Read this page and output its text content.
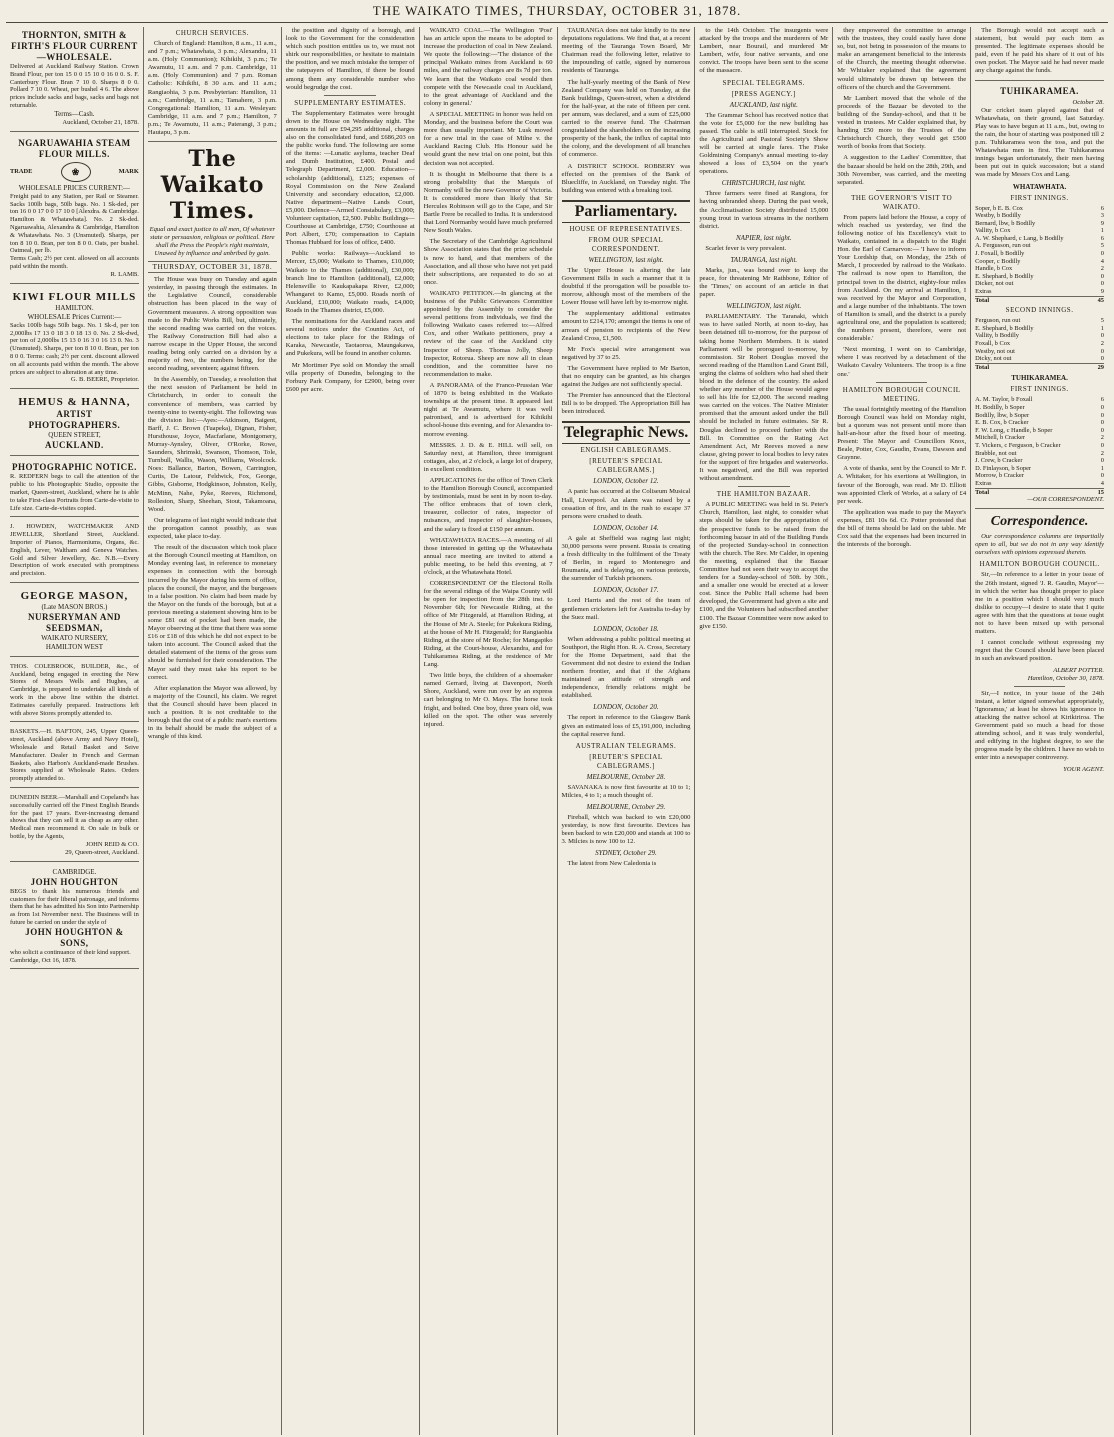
THE WAIKATO TIMES, THURSDAY, OCTOBER 31, 1878.
THORNTON, SMITH & FIRTH'S FLOUR CURRENT—WHOLESALE.
Delivered at Auckland Railway Station. Crown Brand Flour, per ton 15 0 0 15 10 0 16 0 0. S. F. Canterbury Flour. Bran 7 10 0. Sharps 8 0 0. Pollard 7 10 0. Wheat, per bushel 4 6. The above prices include sacks and bags, sacks and bags not returnable.
Terms—Cash.
Auckland, October 21, 1878.
NGARUAWAHIA STEAM FLOUR MILLS.
TRADE	❀	MARK
WHOLESALE PRICES CURRENT:—
Freight paid to any Station, per Rail or Steamer. Sacks 100lb bags, 50lb bags. No. 1 Sk-ded, per ton 16 0 0 17 0 0 17 10 0 [Alexdra. & Cambridge. Hamilton & Whatawhata]. No. 2 Sk-ded. Ngaruawahia, Alexandra & Cambridge, Hamilton & Whatawhata. No. 3 (Unsmuted). Sharps, per ton 8 10 0. Bran, per ton 8 0 0. Oats, per bushel. Oatmeal, per lb.
Terms Cash; 2½ per cent. allowed on all accounts paid within the month.
R. LAMB.
KIWI FLOUR MILLS
HAMILTON.
WHOLESALE Prices Current:—
Sacks 100lb bags 50lb bags. No. 1 Sk-d, per ton 2,000lbs 17 13 0 18 3 0 18 13 0. No. 2 Sk-dwd, per ton of 2,000lbs 15 13 0 16 3 0 16 13 0. No. 3 (Unsmuted). Sharps, per ton 8 10 0. Bran, per ton 8 0 0. Terms: cash; 2½ per cent. discount allowed on all accounts paid within the month. The above prices are subject to alteration at any time.
G. B. BEERE, Proprietor.
HEMUS & HANNA,
ARTIST PHOTOGRAPHERS.
QUEEN STREET,
AUCKLAND.
PHOTOGRAPHIC NOTICE.
R. REDFERN begs to call the attention of the public to his Photographic Studio, opposite the market, Queen-street, Auckland, where he is able to take First-class Portraits from Carte-de-visite to Life size. Carte-de-visites copied.
J. HOWDEN, WATCHMAKER AND JEWELLER, Shortland Street, Auckland. Importer of Pianos, Harmoniums, Organs, &c. English, Lever, Waltham and Geneva Watches. Gold and Silver Jewellery, &c. N.B.—Every Description of work executed with promptness and precision.
GEORGE MASON,
(Late MASON BROS.)
NURSERYMAN AND SEEDSMAN,
WAIKATO NURSERY,
HAMILTON WEST
THOS. COLEBROOK, BUILDER, &c., of Auckland, being engaged in erecting the New Stores of Messrs Wells and Hughes, at Cambridge, is prepared to undertake all kinds of work in the above line within the district. Estimates carefully prepared. Instructions left with above Stores promptly attended to.
BASKETS.—H. BAFTON, 245, Upper Queen-street, Auckland (above Army and Navy Hotel), Wholesale and Retail Basket and Seive Manufacturer. Dealer in French and German Baskets, also Harbon's Auckland-made Brushes. Stores supplied at Wholesale Rates. Orders promptly attended to.
DUNEDIN BEER.—Marshall and Copeland's has successfully carried off the Finest English Brands for the past 17 years. Ever-increasing demand shows that they can sell it as cheap as any other. Medical men recommend it. On sale in bulk or bottle, by the Agents,
JOHN REID & CO.
29, Queen-street, Auckland.
CAMBRIDGE.
JOHN HOUGHTON
BEGS to thank his numerous friends and customers for their liberal patronage, and informs them that he has admitted his Son into Partnership as from 1st November next. The Business will in future be carried on under the style of
JOHN HOUGHTON & SONS,
who solicit a continuance of their kind support.
Cambridge, Oct 16, 1878.
CHURCH SERVICES.

Church of England: Hamilton, 8 a.m., 11 a.m., and 7 p.m.; Whatawhata, 3 p.m.; Alexandra, 11 a.m. (Holy Communion); Kihikihi, 3 p.m.; Te Awamutu, 11 a.m. and 7 p.m. Cambridge, 11 a.m. (Holy Communion) and 7 p.m. Roman Catholic: Kihikihi, 8 30 a.m. and 11 a.m.; Rangiaohia, 3 p.m. Presbyterian: Hamilton, 11 a.m.; Cambridge, 11 a.m.; Tamahere, 3 p.m. Congregational: Hamilton, 11 a.m. Wesleyan: Cambridge, 11 a.m. and 7 p.m.; Hamilton, 7 p.m.; Te Awamutu, 11 a.m.; Paterangi, 3 p.m.; Hautapu, 3 p.m.

The Waikato Times.
Equal and exact justice to all men, Of whatever state or persuasion, religious or political. Here shall the Press the People's right maintain, Unawed by influence and unbribed by gain.
THURSDAY, OCTOBER 31, 1878.

The House was busy on Tuesday and again yesterday, in passing through the estimates. In the Legislative Council, considerable obstruction has been placed in the way of Government measures. A strong opposition was made to the Public Works Bill, but, ultimately, the second reading was carried on the voices. The Railway Construction Bill had also a narrow escape in the Upper House, the second reading being only carried on a division by a majority of two, the numbers being, for the second reading, seventeen; against fifteen.

In the Assembly, on Tuesday, a resolution that the next session of Parliament be held in Christchurch, in order to consult the convenience of members, was carried by twenty-nine to twenty-eight. The following was the division list:—Ayes:—Atkinson, Baigent, Barff, J. C. Brown (Tuapeka), Dignan, Fisher, Hursthouse, Joyce, Macfarlane, Montgomery, Murray-Aynsley, Oliver, O'Rorke, Rowe, Saunders, Shrimski, Swanson, Thomson, Tole, Turnbull, Wallis, Wason, Williams, Woolcock. Noes: Ballance, Barton, Bowen, Carrington, Curtis, De Latour, Feldwick, Fox, George, Gibbs, Gisborne, Hodgkinson, Johnston, Kelly, McMinn, Nahe, Pyke, Reeves, Richmond, Rolleston, Sharp, Sheehan, Stout, Takamoana, Wood.

Our telegrams of last night would indicate that the prorogation cannot possibly, as was expected, take place to-day.

The result of the discussion which took place at the Borough Council meeting at Hamilton, on Monday evening last, in reference to monetary expenses in connection with the borough incurred by the Mayor during his term of office, places the council, the mayor, and the burgesses in a false position. No claim had been made by the Mayor on the funds of the borough, but at a previous meeting a statement showing him to be some £81 out of pocket had been made, the Mayor observing at the time that there was some £16 or £18 of this which he did not expect to be taken into account. The Council asked that the detailed statement of the items of the gross sum should be furnished for their consideration. The Mayor said they must take his report to be correct.

After explanation the Mayor was allowed, by a majority of the Council, his claim. We regret that the Council should have been placed in such a position. It is not creditable to the borough that the cost of a public man's exertions in its behalf should be made the subject of a wrangle of this kind.

the position and dignity of a borough, and look to the Government for the consideration which such position entitles us to, we must not shirk our responsibilities, or hesitate to maintain the position, and we much mistake the temper of the ratepayers of Hamilton, if there be found among them any considerable number who would begrudge the cost.

SUPPLEMENTARY ESTIMATES.

The Supplementary Estimates were brought down to the House on Wednesday night. The amounts in full are £94,295 additional, charges also on the consolidated fund, and £686,203 on the public works fund. The following are some of the items: —Lunatic asylums, teacher Deaf and Dumb Institution, £400. Postal and Telegraph Department, £2,000. Education—scholarship (additional), £125; expenses of Royal Commission on the New Zealand University and secondary education, £2,000. Native department—Native Lands Court, £5,000. Defence—Armed Constabulary, £3,000; Volunteer capitation, £2,500. Public Buildings—Courthouse at Cambridge, £750; Courthouse at Port Albert, £70; compensation to Captain Thomas Hubbard for loss of office, £400.

Public works: Railways—Auckland to Mercer, £5,000; Waikato to Thames, £10,000; Waikato to the Thames (additional), £30,000; branch line to Hamilton (additional), £2,000; Helensville to Kaukapakapa River, £2,000; Whangarei to Kamo, £5,000. Roads north of Auckland, £10,000; Waikato roads, £4,000; Roads in the Thames district, £5,000.

The nominations for the Auckland races and several notices under the Counties Act, of elections to take place for the Ridings of Karaka, Newcastle, Taotaoroa, Maungakawa, and Pukekura, will be found in another column.

Mr Mortimer Pye sold on Monday the small villa property of Dunedin, belonging to the Forbury Park Company, for £2900, being over £600 per acre.

WAIKATO COAL.—The Wellington 'Post' has an article upon the means to be adopted to increase the production of coal in New Zealand. We quote the following:—'The distance of the principal Waikato mines from Auckland is 60 miles, and the railway charges are 8s 7d per ton. We learn that the Waikato coal would then compete with the Newcastle coal in Auckland, to the great advantage of Auckland and the colony in general.'

A SPECIAL MEETING in honor was held on Monday, and the business before the Court was more than usually important. Mr Lusk moved for a new trial in the case of Milne v. the Auckland Racing Club. His Honour said he would grant the new trial on one point, but this decision was not accepted.

It is thought in Melbourne that there is a strong probability that the Marquis of Normanby will be the new Governor of Victoria. It is considered more than likely that Sir Hercules Robinson will go to the Cape, and Sir Bartle Frere be recalled to India. It is understood that Lord Normanby would have much preferred New South Wales.

The Secretary of the Cambridge Agricultural Show Association states that the prize schedule is now to hand, and that members of the Association, and all those who have not yet paid their subscriptions, are requested to do so at once.

WAIKATO PETITION.—In glancing at the business of the Public Grievances Committee appointed by the Assembly to consider the several petitions from individuals, we find the following Waikato cases referred to:—Alfred Cox, and other Waikato petitioners, pray a review of the case of the Auckland city Inspector of Sheep. Thomas Jolly, Sheep Inspector, Rotorua. Sheep are now all in clean condition, and the committee have no recommendation to make.

A PANORAMA of the Franco-Prussian War of 1870 is being exhibited in the Waikato townships at the present time. It appeared last night at Te Awamutu, where it was well patronised, and is advertised for Kihikihi school-house this evening, and for Alexandra to-morrow evening.

MESSRS. J. D. & E. HILL will sell, on Saturday next, at Hamilton, three immigrant cottages, also, at 2 o'clock, a large lot of drapery, in excellent condition.

APPLICATIONS for the office of Town Clerk to the Hamilton Borough Council, accompanied by testimonials, must be sent in by noon to-day. The office embraces that of town clerk, treasurer, collector of rates, inspector of nuisances, and inspector of slaughter-houses, and the salary is fixed at £150 per annum.

WHATAWHATA RACES.—A meeting of all those interested in getting up the Whatawhata annual race meeting are invited to attend a public meeting, to be held this evening, at 7 o'clock, at the Whatawhata Hotel.

CORRESPONDENT OF the Electoral Rolls for the several ridings of the Waipa County will be open for inspection from the 28th inst. to November 6th; for Newcastle Riding, at the office of Mr Fitzgerald, at Hamilton Riding, at the House of Mr A. Steele; for Pukekura Riding, at the house of Mr H. Fitzgerald; for Rangiaohia Riding, at the store of Mr Roche; for Mangapiko Riding, at the Court-house, Alexandra, and for Tuhikaramea Riding, at the residence of Mr Lang.

Two little boys, the children of a shoemaker named Gerrard, living at Davenport, North Shore, Auckland, were run over by an express cart belonging to Mr O. Mays. The horse took fright, and bolted. One boy, three years old, was killed on the spot. The other was severely injured.

TAURANGA does not take kindly to its new deputations regulations. We find that, at a recent meeting of the Tauranga Town Board, Mr Chairman read the following letter, relative to the impounding of cattle, signed by numerous residents of Tauranga.

The half-yearly meeting of the Bank of New Zealand Company was held on Tuesday, at the Bank buildings, Queen-street, when a dividend for the half-year, at the rate of fifteen per cent. per annum, was declared, and a sum of £25,000 carried to the reserve fund. The Chairman congratulated the shareholders on the increasing prosperity of the bank, the influx of capital into the colony, and the development of all branches of commerce.

A DISTRICT SCHOOL ROBBERY was effected on the premises of the Bank of Bluecliffe, in Auckland, on Tuesday night. The building was entered with a breaking tool.

Parliamentary.
HOUSE OF REPRESENTATIVES.
FROM OUR SPECIAL CORRESPONDENT.
WELLINGTON, last night.

The Upper House is altering the late Government Bills in such a manner that it is doubtful if the prorogation will be possible to-morrow, although most of the members of the Lower House will have left by to-morrow night.

The supplementary additional estimates amount to £214,170; amongst the items is one of arrears of pension to recipients of the New Zealand Cross, £1,500.

Mr Fox's special wire arrangement was negatived by 37 to 25.

The Government have replied to Mr Barton, that no enquiry can be granted, as his charges against the Judges are not sufficiently special.

The Premier has announced that the Electoral Bill is to be dropped. The Appropriation Bill has been introduced.

Telegraphic News.
ENGLISH CABLEGRAMS.
[REUTER'S SPECIAL CABLEGRAMS.]
LONDON, October 12.

A panic has occurred at the Coliseum Musical Hall, Liverpool. An alarm was raised by a cessation of fire, and in the rush to escape 37 persons were crushed to death.

LONDON, October 14.

A gale at Sheffield was raging last night; 30,000 persons were present. Russia is creating a fresh difficulty in the fulfilment of the Treaty of Berlin, in regard to Montenegro and Roumania, and is delaying, on various pretexts, the surrender of Turkish prisoners.

LONDON, October 17.

Lord Harris and the rest of the team of gentlemen cricketers left for Australia to-day by the Suez mail.

LONDON, October 18.

When addressing a public political meeting at Southport, the Right Hon. R. A. Cross, Secretary for the Home Department, said that the Government did not desire to extend the Indian northern frontier, and that if the Afghans maintained an attitude of strength and independence, friendly relations might be established.

LONDON, October 20.

The report in reference to the Glasgow Bank gives an estimated loss of £5,191,000, including the capital reserve fund.

AUSTRALIAN TELEGRAMS.
[REUTER'S SPECIAL CABLEGRAMS.]
MELBOURNE, October 28.

SAVANAKA is now first favourite at 10 to 1; Milcies, 4 to 1; a much thought of.

MELBOURNE, October 29.

Fireball, which was backed to win £20,000 yesterday, is now first favourite. Devices has been backed to win £20,000 and stands at 100 to 3. Milcies is now 100 to 12.

SYDNEY, October 29.

The latest from New Caledonia is

to the 14th October. The insurgents were attacked by the troops and the murderers of Mr Lambert, near Bourail, and murdered Mr Lambert, wife, four native servants, and one convict. The troops have been sent to the scene of the massacre.

SPECIAL TELEGRAMS.
[PRESS AGENCY.]
AUCKLAND, last night.

The Grammar School has received notice that the vote for £5,000 for the new building has passed. The cable is still interrupted. Stock for the Agricultural and Pastoral Society's Show will be carried at single fares. The Fiske Goldmining Company's annual meeting to-day showed a loss of £3,504 on the year's operations.

CHRISTCHURCH, last night.

Three farmers were fined at Rangiora, for having unbranded sheep. During the past week, the Acclimatisation Society distributed 15,000 young trout in various streams in the northern district.

NAPIER, last night.

Scarlet fever is very prevalent.

TAURANGA, last night.

Marks, jun., was bound over to keep the peace, for threatening Mr Rathbone, Editor of the 'Times,' on account of an article in that paper.

WELLINGTON, last night.

PARLIAMENTARY. The Taranaki, which was to have sailed North, at noon to-day, has been detained till to-morrow, for the purpose of taking home Northern Members. It is stated Parliament will be prorogued to-morrow, by commission. Sir Robert Douglas moved the second reading of the Hamilton Land Grant Bill, urging the claims of soldiers who had shed their blood in the defence of the country. He asked whether any member of the House would agree to sell his life for £2,000. The second reading was carried on the voices. The Native Minister promised that the amount asked under the Bill should be included in future estimates. Sir R. Douglas declined to proceed further with the Bill. In Committee on the Rating Act Amendment Act, Mr Reeves moved a new clause, giving power to local bodies to levy rates for the support of fire brigades and waterworks. It was negatived, and the Bill was reported without amendment.

THE HAMILTON BAZAAR.

A PUBLIC MEETING was held in St. Peter's Church, Hamilton, last night, to consider what steps should be taken for the appropriation of the prospective funds to be raised from the forthcoming bazaar in aid of the Building Funds of the projected Sunday-school in connection with the church. The Rev. Mr Calder, in opening the meeting, explained that the Bazaar Committee had not seen their way to accept the tenders for a Sunday-school of 50ft. by 30ft., and a smaller one would be erected at a lower cost. Since the Public Hall scheme had been developed, the Government had given a site and £100, and the Volunteers had subscribed another £100. The Bazaar Committee were now asked to give £150.

they empowered the committee to arrange with the trustees, they could easily have done so, but, not being in possession of the means to make an arrangement beneficial to the interests of the Church, the meeting thought otherwise. Mr Whitaker explained that the agreement would ultimately be drawn up between the officers of the church and the Government.

Mr Lambert moved that the whole of the proceeds of the Bazaar be devoted to the building of the Sunday-school, and that it be vested in trustees. Mr Calder explained that, by handing £50 more to the Trustees of the Christchurch Church, they would get £500 worth of books from that Society.

A suggestion to the Ladies' Committee, that the bazaar should be held on the 28th, 29th, and 30th November, was carried, and the meeting separated.

THE GOVERNOR'S VISIT TO WAIKATO.

From papers laid before the House, a copy of which reached us yesterday, we find the following notice of his Excellency's visit to Waikato, contained in a dispatch to the Right Hon. the Earl of Carnarvon:— 'I have to inform Your Lordship that, on Monday, the 25th of March, I proceeded by railroad to the Waikato. The railroad is now open to Hamilton, the principal town in the district, eighty-four miles from Auckland. On my arrival at Hamilton, I was received by the Mayor and Corporation, and a large number of the inhabitants. The town of Hamilton is small, and the district is a purely agricultural one, and the population is scattered; the numbers present, therefore, were not considerable.'

'Next morning, I went on to Cambridge, where I was received by a detachment of the Waikato Cavalry Volunteers. The troop is a fine one.'

HAMILTON BOROUGH COUNCIL MEETING.

The usual fortnightly meeting of the Hamilton Borough Council was held on Monday night, but a quorum was not present until more than half-an-hour after the fixed hour of meeting. Present: The Mayor and Councillors Knox, Beale, Potter, Cox, Gaudin, Evans, Dawson and Graynne.

A vote of thanks, sent by the Council to Mr F. A. Whitaker, for his exertions at Wellington, in favour of the Borough, was read. Mr D. Elliott was appointed Clerk of Works, at a salary of £4 per week.

The application was made to pay the Mayor's expenses, £81 10s 6d. Cr. Potter protested that the bill of items should be laid on the table. Mr Cox said that the expenses had been incurred in the interests of the borough.

The Borough would not accept such a statement, but would pay each item as presented. The legitimate expenses should be paid, even if he paid his share of it out of his own pocket. The Mayor said he had never made any charge against the funds.

TUHIKARAMEA.
October 28.

Our cricket team played against that of Whatawhata, on their ground, last Saturday. Play was to have begun at 11 a.m., but, owing to the rain, the hour of starting was postponed till 2 p.m. Tuhikaramea won the toss, and put the Whatawhata men in first. The Tuhikaramea innings began unfortunately, their men having been put out in quick succession; but a stand was made by Messrs Cox and Lang.

WHATAWHATA.
FIRST INNINGS.
Soper, b E. B. Cox	6
Westby, b Bodilly	3
Bernard, lbw, b Bodilly	9
Vallity, b Cox	1
A. W. Shephard, c Lang, b Bodilly	6
A. Fergusson, run out	5
J. Foxall, b Bodilly	0
Cooper, c Bodilly	4
Handle, b Cox	2
E. Shephard, b Bodilly	0
Dicker, not out	0
Extras	9
Total	45
SECOND INNINGS.
Ferguson, run out	5
E. Shephard, b Bodilly	1
Vallity, b Bodilly	0
Foxall, b Cox	2
Westby, not out	0
Dicky, not out	0
Total	29
TUHIKARAMEA.
FIRST INNINGS.
A. M. Taylor, b Foxall	6
H. Bodilly, b Soper	0
Bodilly, lbw, b Soper	0
E. B. Cox, b Cracker	0
F. W. Long, c Handle, b Soper	0
Mitchell, b Cracker	2
T. Vickers, c Ferguson, b Cracker	0
Brabble, not out	2
J. Crew, b Cracker	0
D. Finlayson, b Soper	1
Morrow, b Cracker	0
Extras	4
Total	15
—OUR CORRESPONDENT.
Correspondence.

Our correspondence columns are impartially open to all, but we do not in any way identify ourselves with opinions expressed therein.

HAMILTON BOROUGH COUNCIL.

Sir,—In reference to a letter in your issue of the 26th instant, signed 'J. R. Gaudin, Mayor'—in which the writer has thought proper to place me in a position which I should very much dislike to occupy—I desire to state that I quite agree with him that the questions at issue ought not to have been mixed up with personal matters.

I cannot conclude without expressing my regret that the Council should have been placed in such an awkward position.

ALBERT POTTER.
Hamilton, October 30, 1878.

Sir,—I notice, in your issue of the 24th instant, a letter signed somewhat appropriately, 'Ignoramus,' at least he shows his ignorance in attacking the native school at Kirikiriroa. The Government paid so much a head for those attending school, and it was truly wonderful, and edifying in the highest degree, to see the progress made by the children. I have no wish to enter into a newspaper controversy.

YOUR AGENT.
